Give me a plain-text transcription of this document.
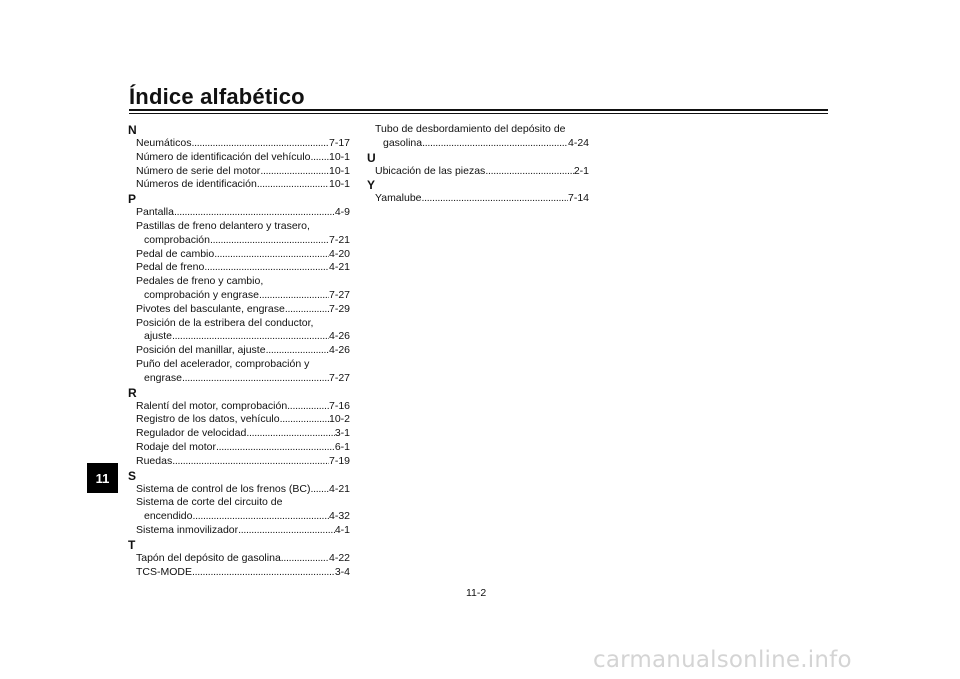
Índice alfabético
11
N
Neumáticos . . .	7-17
Número de identificación del vehículo . . . 10-1
Número de serie del motor . . .	10-1
Números de identificación . . .	10-1
P
Pantalla . . .	4-9
Pastillas de freno delantero y trasero,
comprobación . . .	7-21
Pedal de cambio . . .	4-20
Pedal de freno . . .	4-21
Pedales de freno y cambio,
comprobación y engrase . . .	7-27
Pivotes del basculante, engrase . . .	7-29
Posición de la estribera del conductor,
ajuste . . .	4-26
Posición del manillar, ajuste . . .	4-26
Puño del acelerador, comprobación y
engrase . . .	7-27
R
Ralentí del motor, comprobación . . .	7-16
Registro de los datos, vehículo . . .	10-2
Regulador de velocidad . . .	3-1
Rodaje del motor . . .	6-1
Ruedas . . .	7-19
S
Sistema de control de los frenos (BC) . . . 4-21
Sistema de corte del circuito de
encendido . . .	4-32
Sistema inmovilizador . . .	4-1
T
Tapón del depósito de gasolina . . .	4-22
TCS-MODE . . .	3-4
Tubo de desbordamiento del depósito de
gasolina . . .	4-24
U
Ubicación de las piezas . . .	2-1
Y
Yamalube . . .	7-14
11-2
carmanualsonline.info
